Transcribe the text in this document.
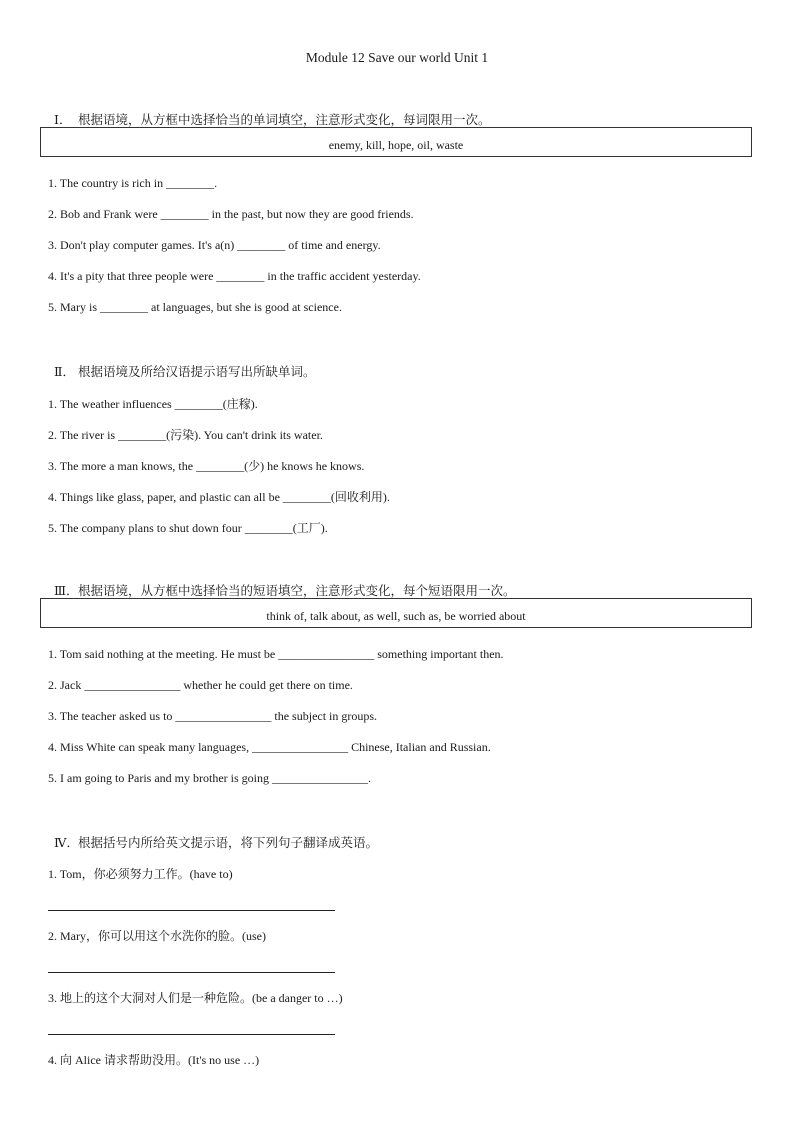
Module 12 Save our world Unit 1
Ⅰ． 根据语境，从方框中选择恰当的单词填空，注意形式变化，每词限用一次。
enemy, kill, hope, oil, waste
1. The country is rich in ________.
2. Bob and Frank were ________ in the past, but now they are good friends.
3. Don't play computer games. It's a(n) ________ of time and energy.
4. It's a pity that three people were ________ in the traffic accident yesterday.
5. Mary is ________ at languages, but she is good at science.
Ⅱ． 根据语境及所给汉语提示语写出所缺单词。
1. The weather influences ________(庄稼).
2. The river is ________(污染). You can't drink its water.
3. The more a man knows, the ________(少) he knows he knows.
4. Things like glass, paper, and plastic can all be ________(回收利用).
5. The company plans to shut down four ________(工厂).
Ⅲ．根据语境，从方框中选择恰当的短语填空，注意形式变化，每个短语限用一次。
think of, talk about, as well, such as, be worried about
1. Tom said nothing at the meeting. He must be ________________ something important then.
2. Jack ________________ whether he could get there on time.
3. The teacher asked us to ________________ the subject in groups.
4. Miss White can speak many languages, ________________ Chinese, Italian and Russian.
5. I am going to Paris and my brother is going ________________.
Ⅳ．根据括号内所给英文提示语，将下列句子翻译成英语。
1. Tom，你必须努力工作。(have to)
2. Mary，你可以用这个水洗你的脸。(use)
3. 地上的这个大洞对人们是一种危险。(be a danger to …)
4. 向 Alice 请求帮助没用。(It's no use …)
